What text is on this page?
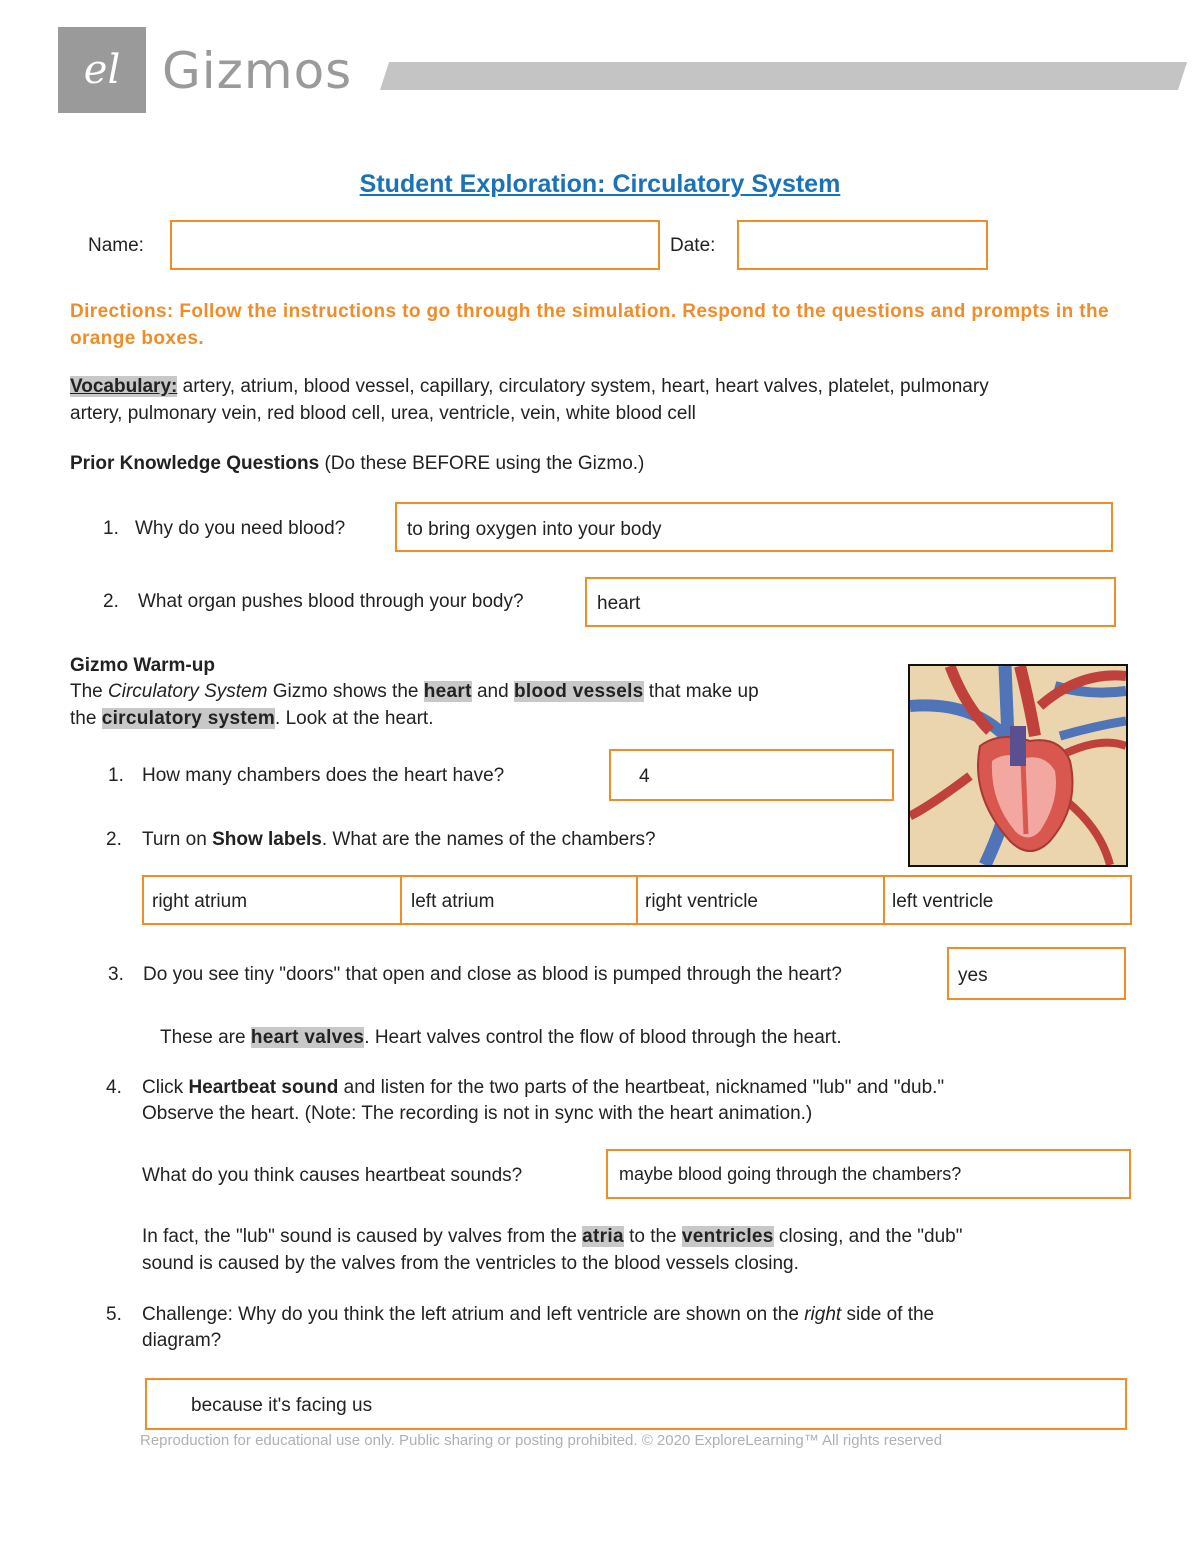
el Gizmos
Student Exploration: Circulatory System
Name:	Date:
Directions: Follow the instructions to go through the simulation. Respond to the questions and prompts in the orange boxes.
Vocabulary: artery, atrium, blood vessel, capillary, circulatory system, heart, heart valves, platelet, pulmonary
artery, pulmonary vein, red blood cell, urea, ventricle, vein, white blood cell
Prior Knowledge Questions (Do these BEFORE using the Gizmo.)
1. Why do you need blood?	to bring oxygen into your body
2. What organ pushes blood through your body?	heart
Gizmo Warm-up
The Circulatory System Gizmo shows the heart and blood vessels that make up
the circulatory system. Look at the heart.
1. How many chambers does the heart have?	4
2. Turn on Show labels. What are the names of the chambers?
right atrium	left atrium	right ventricle	left ventricle
3. Do you see tiny "doors" that open and close as blood is pumped through the heart?	yes
These are heart valves. Heart valves control the flow of blood through the heart.
4. Click Heartbeat sound and listen for the two parts of the heartbeat, nicknamed "lub" and "dub."
Observe the heart. (Note: The recording is not in sync with the heart animation.)
What do you think causes heartbeat sounds?	maybe blood going through the chambers?
In fact, the "lub" sound is caused by valves from the atria to the ventricles closing, and the "dub"
sound is caused by the valves from the ventricles to the blood vessels closing.
5. Challenge: Why do you think the left atrium and left ventricle are shown on the right side of the
diagram?
because it's facing us
Reproduction for educational use only. Public sharing or posting prohibited. © 2020 ExploreLearning™ All rights reserved
